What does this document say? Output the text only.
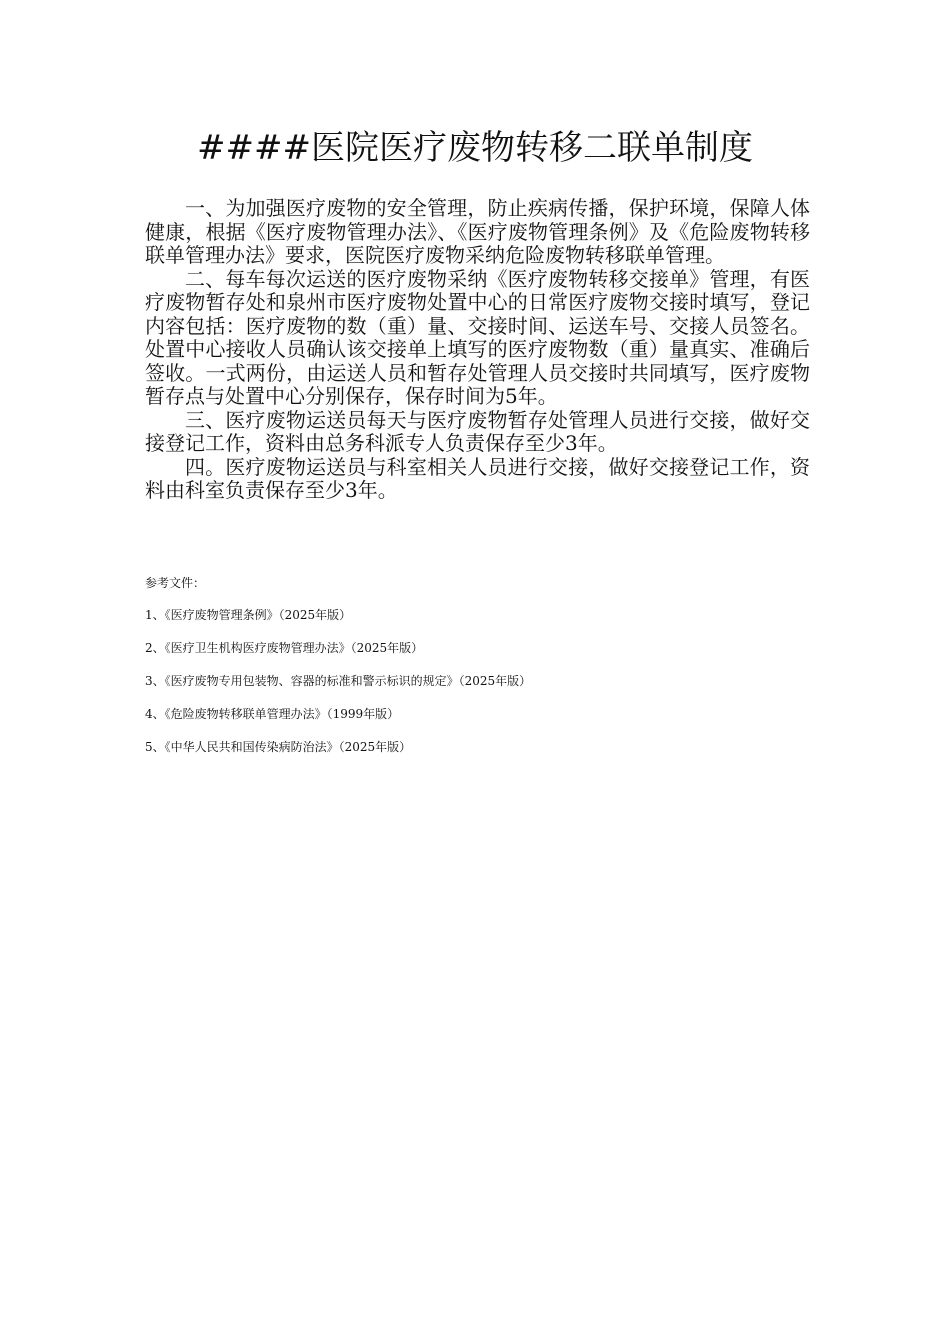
####医院医疗废物转移二联单制度

一、为加强医疗废物的安全管理，防止疾病传播，保护环境，保障人体健康，根据《医疗废物管理办法》、《医疗废物管理条例》及《危险废物转移联单管理办法》要求，医院医疗废物采纳危险废物转移联单管理。

二、每车每次运送的医疗废物采纳《医疗废物转移交接单》管理，有医疗废物暂存处和泉州市医疗废物处置中心的日常医疗废物交接时填写，登记内容包括：医疗废物的数（重）量、交接时间、运送车号、交接人员签名。处置中心接收人员确认该交接单上填写的医疗废物数（重）量真实、准确后签收。一式两份，由运送人员和暂存处管理人员交接时共同填写，医疗废物暂存点与处置中心分别保存，保存时间为5年。

三、医疗废物运送员每天与医疗废物暂存处管理人员进行交接，做好交接登记工作，资料由总务科派专人负责保存至少3年。

四。医疗废物运送员与科室相关人员进行交接，做好交接登记工作，资料由科室负责保存至少3年。

参考文件：

1、《医疗废物管理条例》（2025年版）

2、《医疗卫生机构医疗废物管理办法》（2025年版）

3、《医疗废物专用包装物、容器的标准和警示标识的规定》（2025年版）

4、《危险废物转移联单管理办法》（1999年版）

5、《中华人民共和国传染病防治法》（2025年版）
